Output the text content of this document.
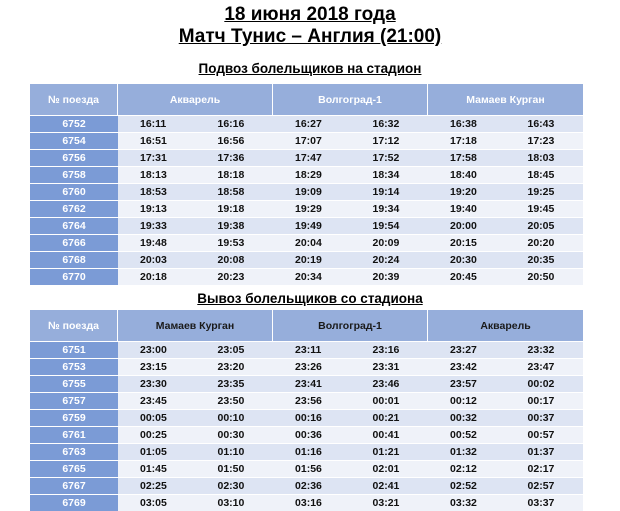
18 июня 2018 года
Матч Тунис – Англия (21:00)
Подвоз болельщиков на стадион
№ поезда	Акварель		Волгоград-1		Мамаев Курган	
6752	16:11	16:16	16:27	16:32	16:38	16:43
6754	16:51	16:56	17:07	17:12	17:18	17:23
6756	17:31	17:36	17:47	17:52	17:58	18:03
6758	18:13	18:18	18:29	18:34	18:40	18:45
6760	18:53	18:58	19:09	19:14	19:20	19:25
6762	19:13	19:18	19:29	19:34	19:40	19:45
6764	19:33	19:38	19:49	19:54	20:00	20:05
6766	19:48	19:53	20:04	20:09	20:15	20:20
6768	20:03	20:08	20:19	20:24	20:30	20:35
6770	20:18	20:23	20:34	20:39	20:45	20:50
Вывоз болельщиков со стадиона
№ поезда	Мамаев Курган		Волгоград-1		Акварель	
6751	23:00	23:05	23:11	23:16	23:27	23:32
6753	23:15	23:20	23:26	23:31	23:42	23:47
6755	23:30	23:35	23:41	23:46	23:57	00:02
6757	23:45	23:50	23:56	00:01	00:12	00:17
6759	00:05	00:10	00:16	00:21	00:32	00:37
6761	00:25	00:30	00:36	00:41	00:52	00:57
6763	01:05	01:10	01:16	01:21	01:32	01:37
6765	01:45	01:50	01:56	02:01	02:12	02:17
6767	02:25	02:30	02:36	02:41	02:52	02:57
6769	03:05	03:10	03:16	03:21	03:32	03:37
